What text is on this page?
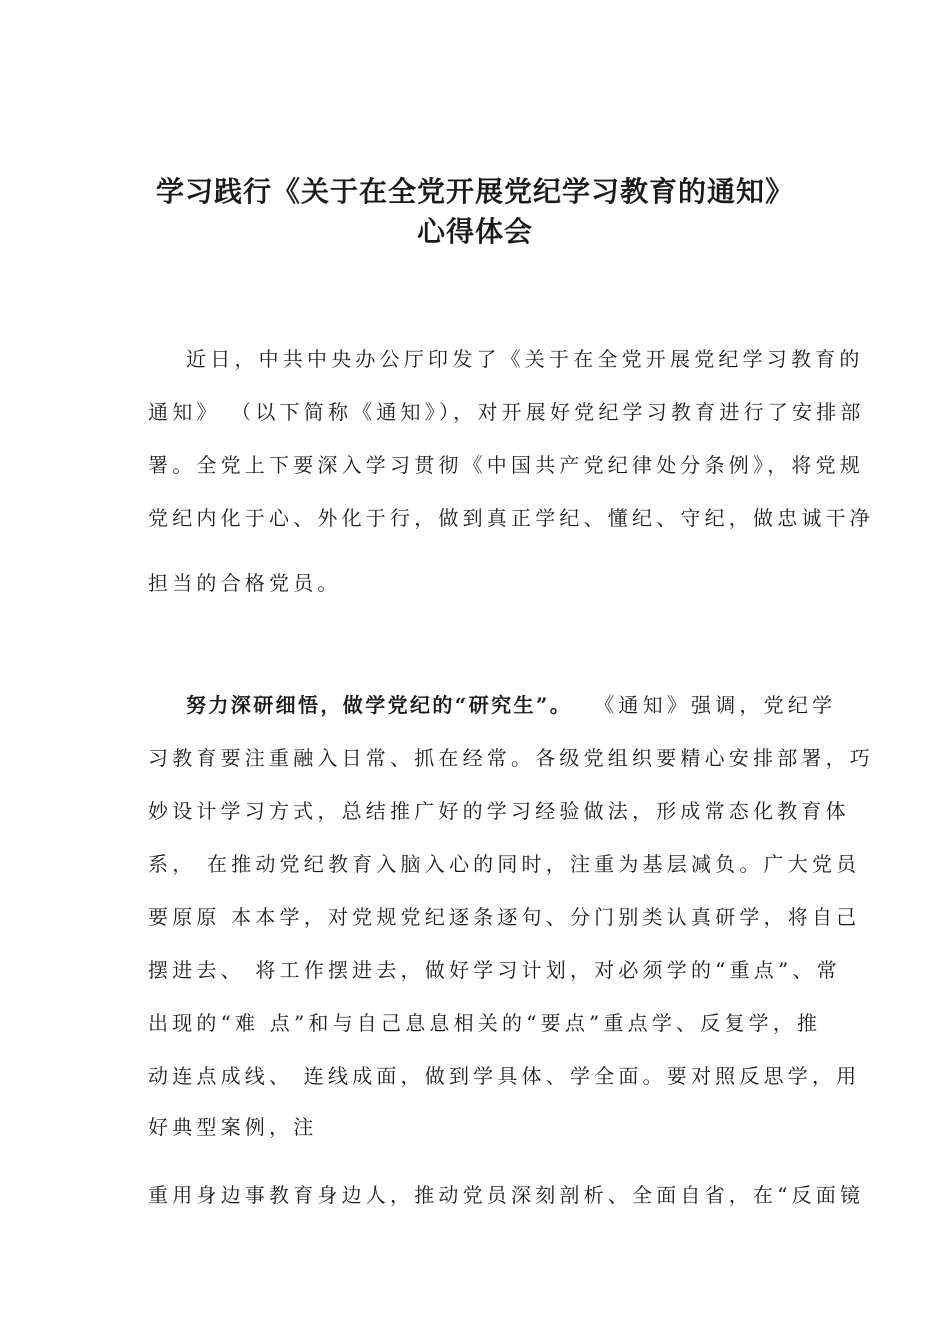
学习践行《关于在全党开展党纪学习教育的通知》
心得体会
近日，中共中央办公厅印发了《关于在全党开展党纪学习教育的
通知》 （以下简称《通知》），对开展好党纪学习教育进行了安排部
署。全党上下要深入学习贯彻《中国共产党纪律处分条例》，将党规
党纪内化于心、外化于行，做到真正学纪、懂纪、守纪，做忠诚干净
担当的合格党员。
努力深研细悟，做学党纪的“研究生”。 《通知》强调，党纪学
习教育要注重融入日常、抓在经常。各级党组织要精心安排部署，巧
妙设计学习方式，总结推广好的学习经验做法，形成常态化教育体
系， 在推动党纪教育入脑入心的同时，注重为基层减负。广大党员
要原原 本本学，对党规党纪逐条逐句、分门别类认真研学，将自己
摆进去、 将工作摆进去，做好学习计划，对必须学的“重点”、常
出现的“难 点”和与自己息息相关的“要点”重点学、反复学，推
动连点成线、 连线成面，做到学具体、学全面。要对照反思学，用
好典型案例，注
重用身边事教育身边人，推动党员深刻剖析、全面自省，在“反面镜
